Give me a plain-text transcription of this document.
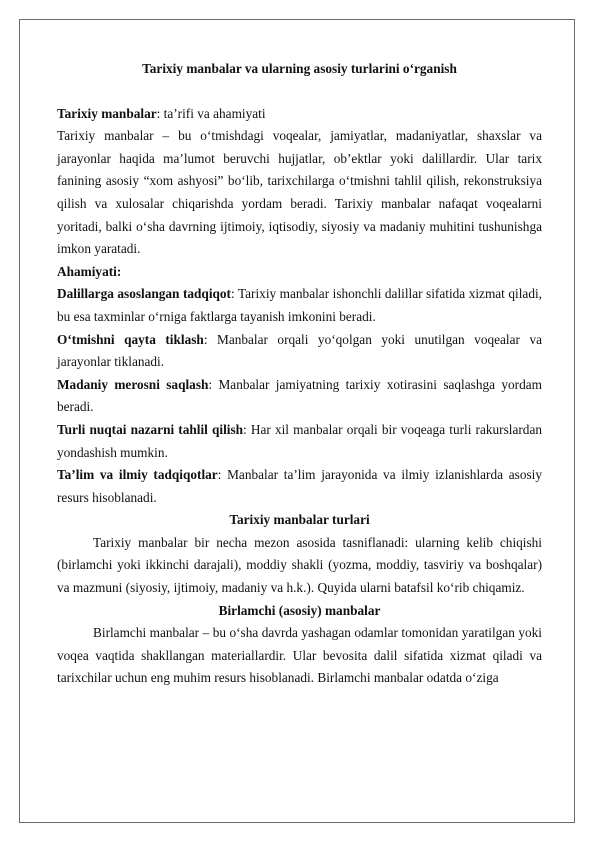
Tarixiy manbalar va ularning asosiy turlarini o‘rganish

Tarixiy manbalar: ta’rifi va ahamiyati

Tarixiy manbalar – bu o‘tmishdagi voqealar, jamiyatlar, madaniyatlar, shaxslar va jarayonlar haqida ma’lumot beruvchi hujjatlar, ob’ektlar yoki dalillardir. Ular tarix fanining asosiy “xom ashyosi” bo‘lib, tarixchilarga o‘tmishni tahlil qilish, rekonstruksiya qilish va xulosalar chiqarishda yordam beradi. Tarixiy manbalar nafaqat voqealarni yoritadi, balki o‘sha davrning ijtimoiy, iqtisodiy, siyosiy va madaniy muhitini tushunishga imkon yaratadi.

Ahamiyati:

Dalillarga asoslangan tadqiqot: Tarixiy manbalar ishonchli dalillar sifatida xizmat qiladi, bu esa taxminlar o‘rniga faktlarga tayanish imkonini beradi.

O‘tmishni qayta tiklash: Manbalar orqali yo‘qolgan yoki unutilgan voqealar va jarayonlar tiklanadi.

Madaniy merosni saqlash: Manbalar jamiyatning tarixiy xotirasini saqlashga yordam beradi.

Turli nuqtai nazarni tahlil qilish: Har xil manbalar orqali bir voqeaga turli rakurslardan yondashish mumkin.

Ta’lim va ilmiy tadqiqotlar: Manbalar ta’lim jarayonida va ilmiy izlanishlarda asosiy resurs hisoblanadi.

Tarixiy manbalar turlari

Tarixiy manbalar bir necha mezon asosida tasniflanadi: ularning kelib chiqishi (birlamchi yoki ikkinchi darajali), moddiy shakli (yozma, moddiy, tasviriy va boshqalar) va mazmuni (siyosiy, ijtimoiy, madaniy va h.k.). Quyida ularni batafsil ko‘rib chiqamiz.

Birlamchi (asosiy) manbalar

Birlamchi manbalar – bu o‘sha davrda yashagan odamlar tomonidan yaratilgan yoki voqea vaqtida shakllangan materiallardir. Ular bevosita dalil sifatida xizmat qiladi va tarixchilar uchun eng muhim resurs hisoblanadi. Birlamchi manbalar odatda o‘ziga
